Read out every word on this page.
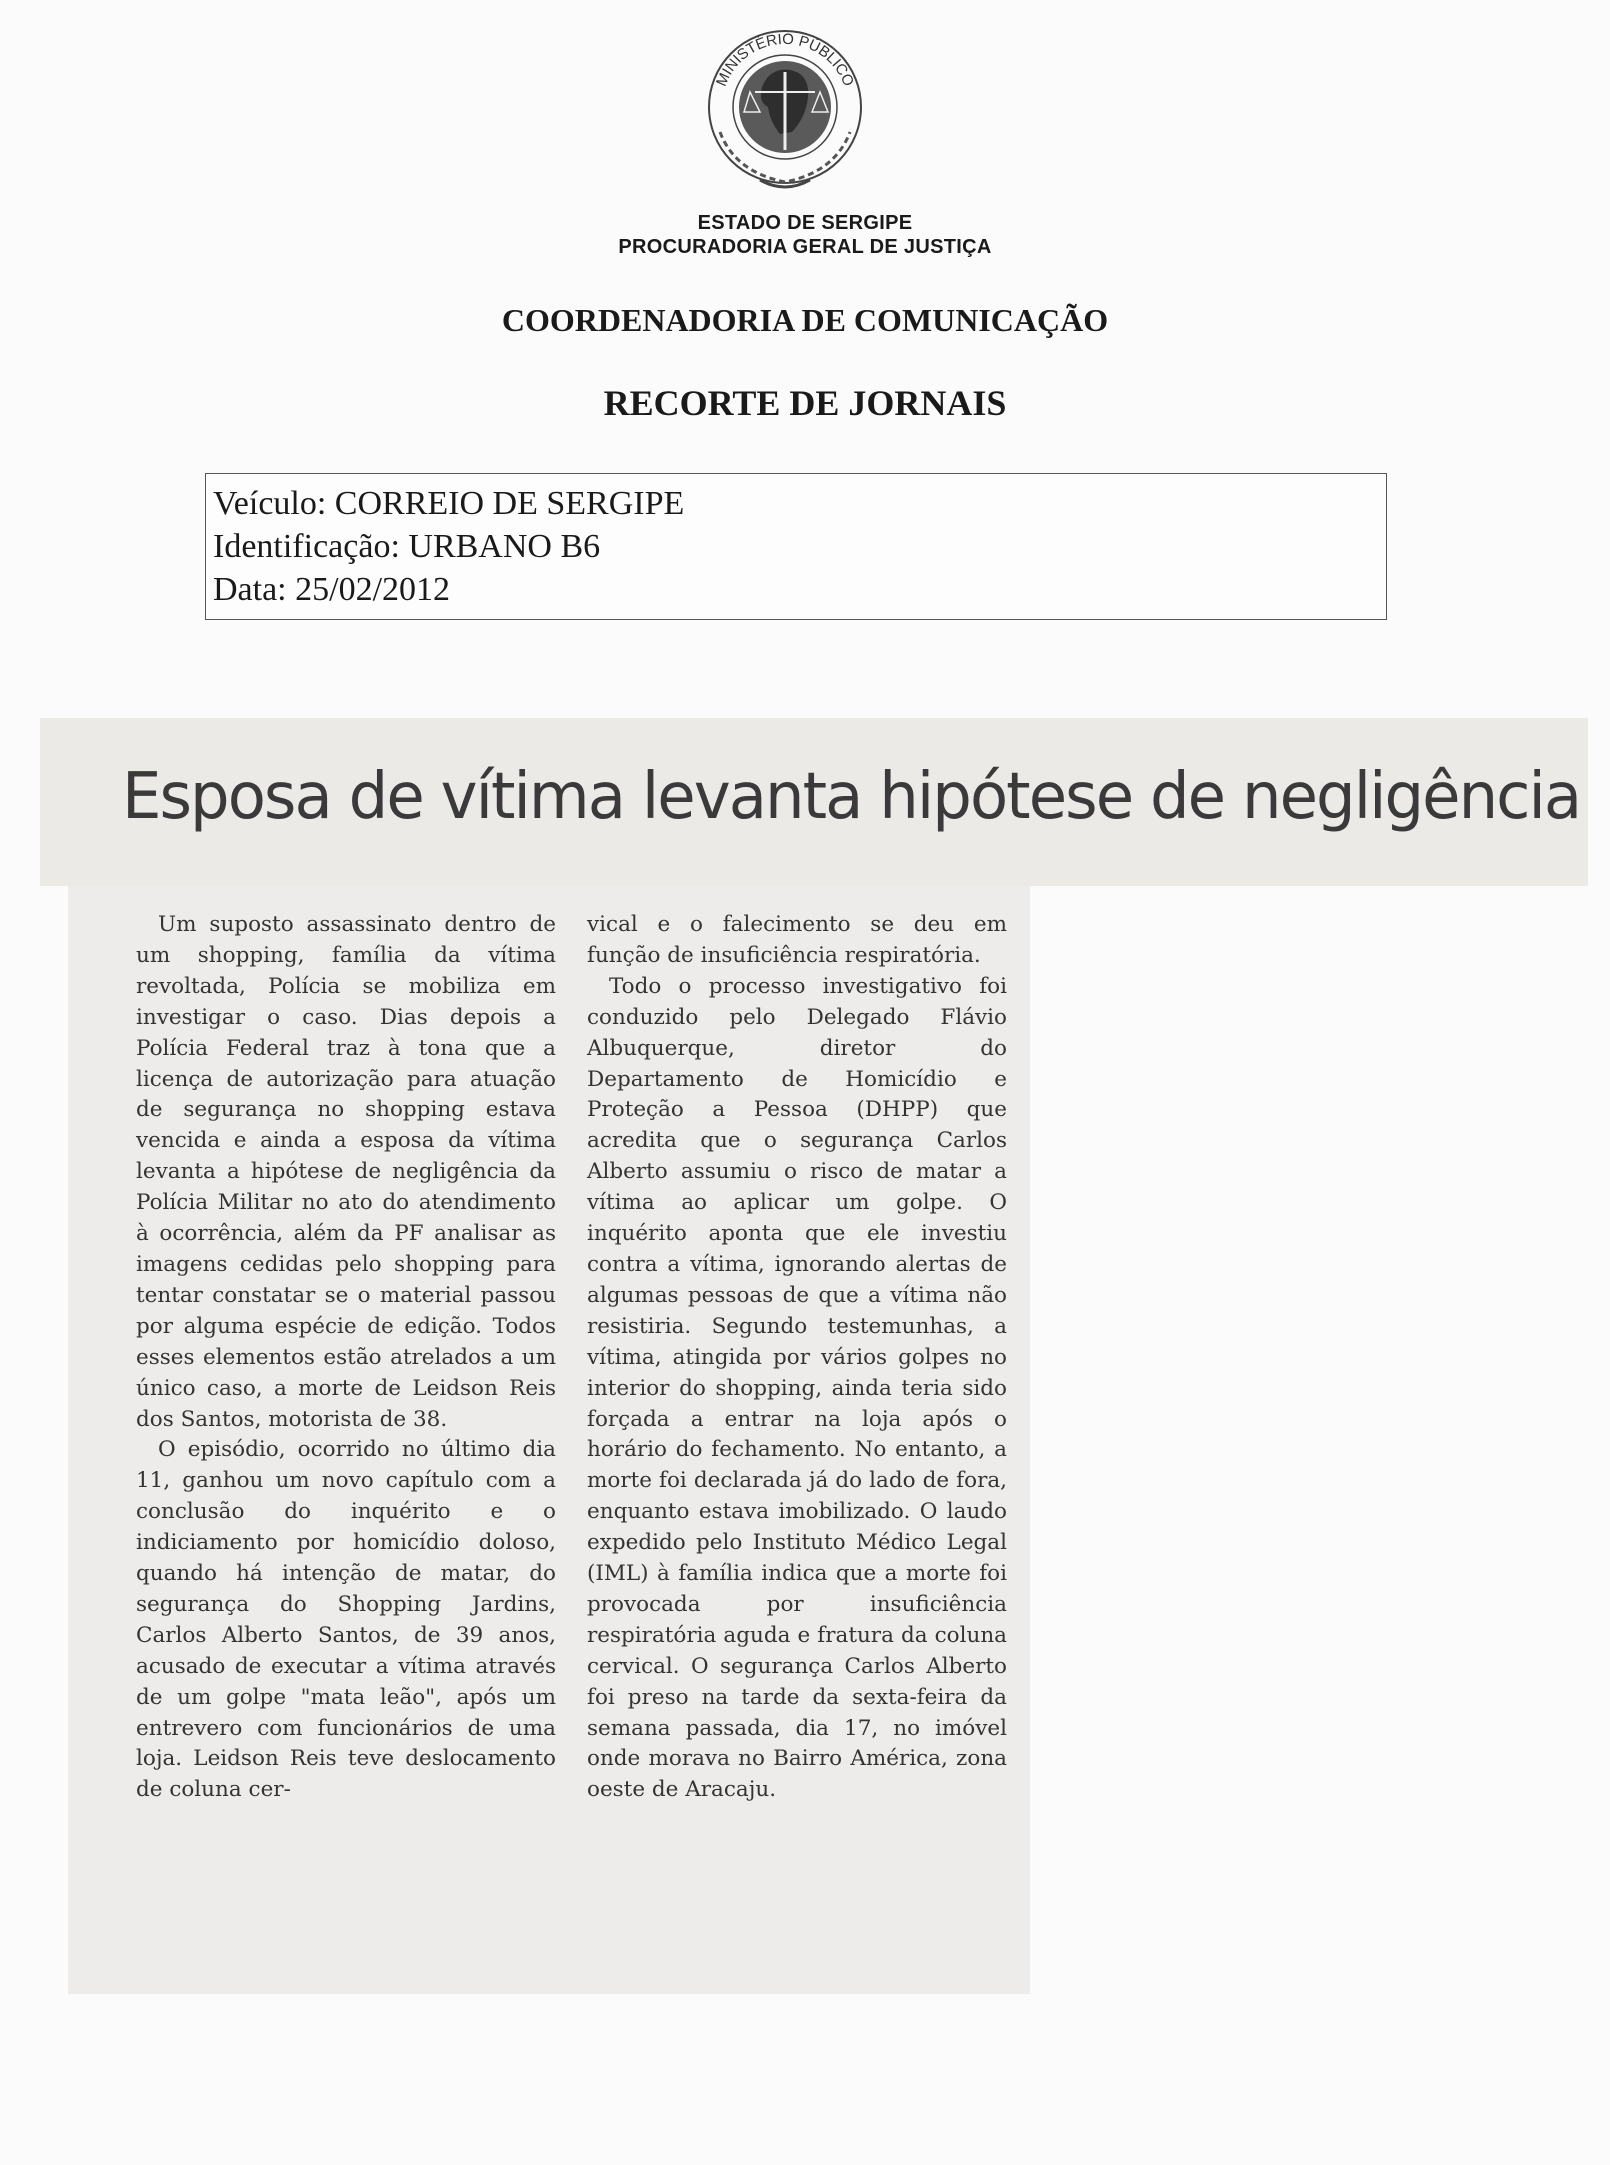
MINISTÉRIO PÚBLICO
ESTADO DE SERGIPE
PROCURADORIA GERAL DE JUSTIÇA
COORDENADORIA DE COMUNICAÇÃO
RECORTE DE JORNAIS
Veículo: CORREIO DE SERGIPE
Identificação: URBANO B6
Data: 25/02/2012
Esposa de vítima levanta hipótese de negligência

Um suposto assassinato dentro de um shopping, família da vítima revoltada, Polícia se mobiliza em investigar o caso. Dias depois a Polícia Federal traz à tona que a licença de autorização para atuação de segurança no shopping estava vencida e ainda a esposa da vítima levanta a hipótese de negligência da Polícia Militar no ato do atendimento à ocorrência, além da PF analisar as imagens cedidas pelo shopping para tentar constatar se o material passou por alguma espécie de edição. Todos esses elementos estão atrelados a um único caso, a morte de Leidson Reis dos Santos, motorista de 38.

O episódio, ocorrido no último dia 11, ganhou um novo capítulo com a conclusão do inquérito e o indiciamento por homicídio doloso, quando há intenção de matar, do segurança do Shopping Jardins, Carlos Alberto Santos, de 39 anos, acusado de executar a vítima através de um golpe "mata leão", após um entrevero com funcionários de uma loja. Leidson Reis teve deslocamento de coluna cer-

vical e o falecimento se deu em função de insuficiência respiratória.

Todo o processo investigativo foi conduzido pelo Delegado Flávio Albuquerque, diretor do Departamento de Homicídio e Proteção a Pessoa (DHPP) que acredita que o segurança Carlos Alberto assumiu o risco de matar a vítima ao aplicar um golpe. O inquérito aponta que ele investiu contra a vítima, ignorando alertas de algumas pessoas de que a vítima não resistiria. Segundo testemunhas, a vítima, atingida por vários golpes no interior do shopping, ainda teria sido forçada a entrar na loja após o horário do fechamento. No entanto, a morte foi declarada já do lado de fora, enquanto estava imobilizado. O laudo expedido pelo Instituto Médico Legal (IML) à família indica que a morte foi provocada por insuficiência respiratória aguda e fratura da coluna cervical. O segurança Carlos Alberto foi preso na tarde da sexta-feira da semana passada, dia 17, no imóvel onde morava no Bairro América, zona oeste de Aracaju.
